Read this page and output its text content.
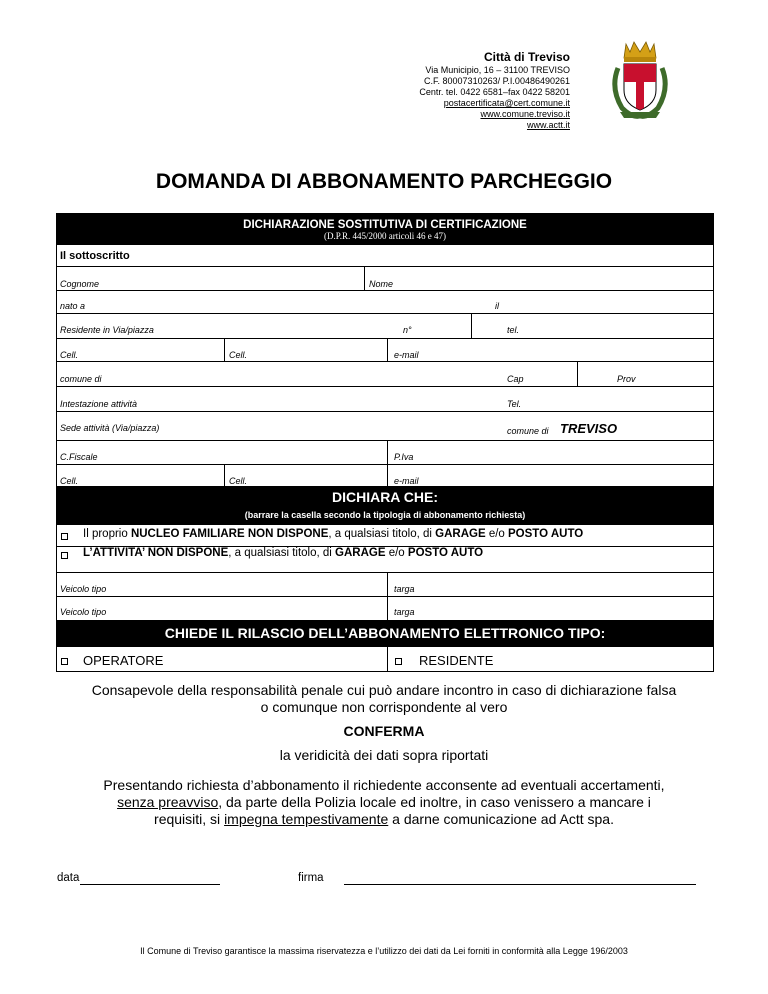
Città di Treviso
Via Municipio, 16 – 31100 TREVISO
C.F. 80007310263/ P.I.00486490261
Centr. tel. 0422 6581–fax 0422 58201
postacertificata@cert.comune.it
www.comune.treviso.it
www.actt.it
DOMANDA DI ABBONAMENTO PARCHEGGIO
DICHIARAZIONE SOSTITUTIVA DI CERTIFICAZIONE
(D.P.R. 445/2000 articoli 46 e 47)
Il sottoscritto
Cognome	Nome
nato a	il
Residente in Via/piazza	n°	tel.
Cell.	Cell.	e-mail
comune di	Cap	Prov
Intestazione attività	Tel.
Sede attività (Via/piazza)	comune di TREVISO
C.Fiscale	P.Iva
Cell.	Cell.	e-mail
DICHIARA CHE:
(barrare la casella secondo la tipologia di abbonamento richiesta)
Il proprio NUCLEO FAMILIARE NON DISPONE, a qualsiasi titolo, di GARAGE e/o POSTO AUTO
L’ATTIVITA’ NON DISPONE, a qualsiasi titolo, di GARAGE e/o POSTO AUTO
Veicolo tipo	targa
Veicolo tipo	targa
CHIEDE IL RILASCIO DELL’ABBONAMENTO ELETTRONICO TIPO:
OPERATORE	RESIDENTE
Consapevole della responsabilità penale cui può andare incontro in caso di dichiarazione falsa
o comunque non corrispondente al vero
CONFERMA
la veridicità dei dati sopra riportati
Presentando richiesta d’abbonamento il richiedente acconsente ad eventuali accertamenti,
senza preavviso, da parte della Polizia locale ed inoltre, in caso venissero a mancare i
requisiti, si impegna tempestivamente a darne comunicazione ad Actt spa.
data	firma
Il Comune di Treviso garantisce la massima riservatezza e l’utilizzo dei dati da Lei forniti in conformità alla Legge 196/2003
